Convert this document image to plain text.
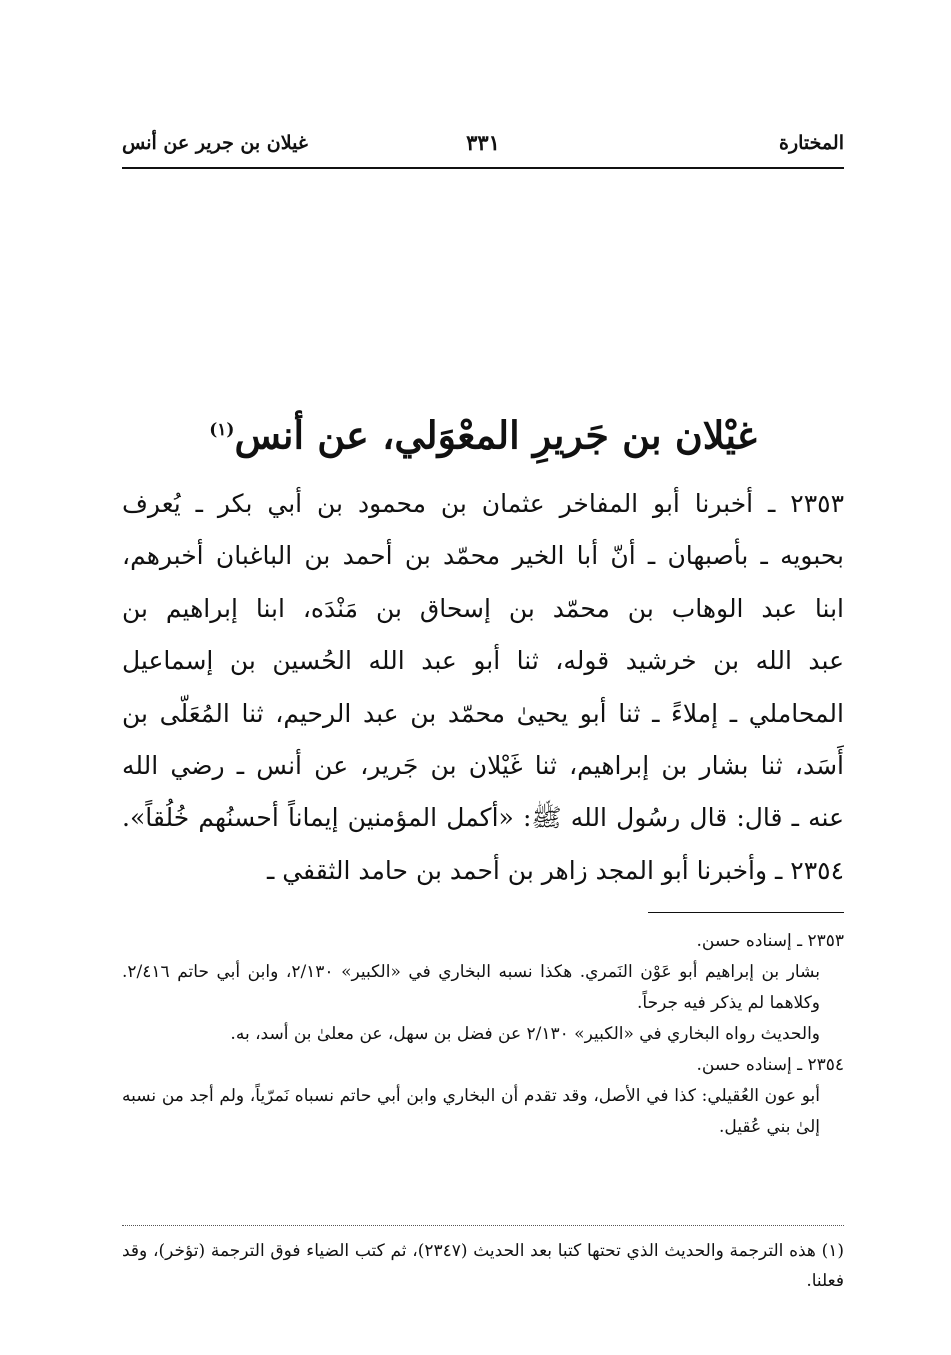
المختارة
٣٣١
غيلان بن جرير عن أنس
غيْلان بن جَريرِ المعْوَلي، عن أنس$^{(١)}$
٢٣٥٣ ـ أخبرنا أبو المفاخر عثمان بن محمود بن أبي بكر ـ يُعرف
بحبويه ـ بأصبهان ـ أنّ أبا الخير محمّد بن أحمد بن الباغبان أخبرهم،
ابنا عبد الوهاب بن محمّد بن إسحاق بن مَنْدَه، ابنا إبراهيم بن
عبد الله بن خرشيد قوله، ثنا أبو عبد الله الحُسين بن إسماعيل
المحاملي ـ إملاءً ـ ثنا أبو يحيىٰ محمّد بن عبد الرحيم، ثنا المُعَلّى بن
أَسَد، ثنا بشار بن إبراهيم، ثنا غَيْلان بن جَرير، عن أنس ـ رضي الله
عنه ـ قال: قال رسُول الله ﷺ: «أكمل المؤمنين إيماناً أحسنُهم خُلُقاً».
٢٣٥٤ ـ وأخبرنا أبو المجد زاهر بن أحمد بن حامد الثقفي ـ
٢٣٥٣ ـ إسناده حسن.
بشار بن إبراهيم أبو عَوْن النَمري. هكذا نسبه البخاري في «الكبير» ٢/١٣٠، وابن أبي حاتم ٢/٤١٦. وكلاهما لم يذكر فيه جرحاً.
والحديث رواه البخاري في «الكبير» ٢/١٣٠ عن فضل بن سهل، عن معلىٰ بن أسد، به.
٢٣٥٤ ـ إسناده حسن.
أبو عون العُقيلي: كذا في الأصل، وقد تقدم أن البخاري وابن أبي حاتم نسباه نَمرّياً، ولم أجد من نسبه إلىٰ بني عُقيل.
(١) هذه الترجمة والحديث الذي تحتها كتبا بعد الحديث (٢٣٤٧)، ثم كتب الضياء فوق الترجمة (تؤخر)، وقد فعلنا.
